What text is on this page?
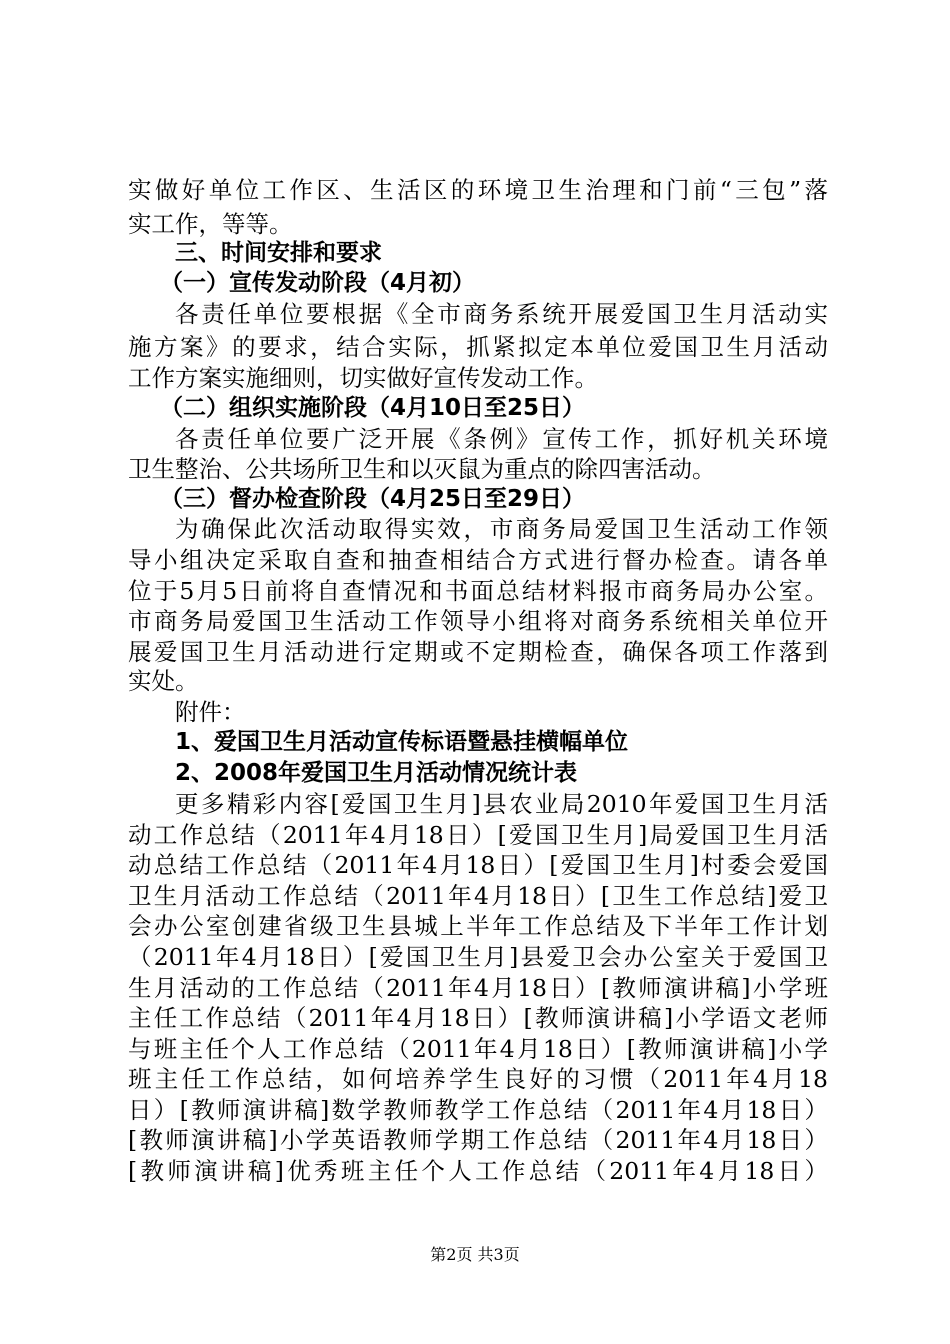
实做好单位工作区、生活区的环境卫生治理和门前“三包”落
实工作，等等。
三、时间安排和要求
（一）宣传发动阶段（4月初）
各责任单位要根据《全市商务系统开展爱国卫生月活动实
施方案》的要求，结合实际，抓紧拟定本单位爱国卫生月活动
工作方案实施细则，切实做好宣传发动工作。
（二）组织实施阶段（4月10日至25日）
各责任单位要广泛开展《条例》宣传工作，抓好机关环境
卫生整治、公共场所卫生和以灭鼠为重点的除四害活动。
（三）督办检查阶段（4月25日至29日）
为确保此次活动取得实效，市商务局爱国卫生活动工作领
导小组决定采取自查和抽查相结合方式进行督办检查。请各单
位于5月5日前将自查情况和书面总结材料报市商务局办公室。
市商务局爱国卫生活动工作领导小组将对商务系统相关单位开
展爱国卫生月活动进行定期或不定期检查，确保各项工作落到
实处。
附件：
1、爱国卫生月活动宣传标语暨悬挂横幅单位
2、2008年爱国卫生月活动情况统计表
更多精彩内容[爱国卫生月]县农业局2010年爱国卫生月活
动工作总结（2011年4月18日）[爱国卫生月]局爱国卫生月活
动总结工作总结（2011年4月18日）[爱国卫生月]村委会爱国
卫生月活动工作总结（2011年4月18日）[卫生工作总结]爱卫
会办公室创建省级卫生县城上半年工作总结及下半年工作计划
（2011年4月18日）[爱国卫生月]县爱卫会办公室关于爱国卫
生月活动的工作总结（2011年4月18日）[教师演讲稿]小学班
主任工作总结（2011年4月18日）[教师演讲稿]小学语文老师
与班主任个人工作总结（2011年4月18日）[教师演讲稿]小学
班主任工作总结，如何培养学生良好的习惯（2011年4月18
日）[教师演讲稿]数学教师教学工作总结（2011年4月18日）
[教师演讲稿]小学英语教师学期工作总结（2011年4月18日）
[教师演讲稿]优秀班主任个人工作总结（2011年4月18日）
第2页 共3页
